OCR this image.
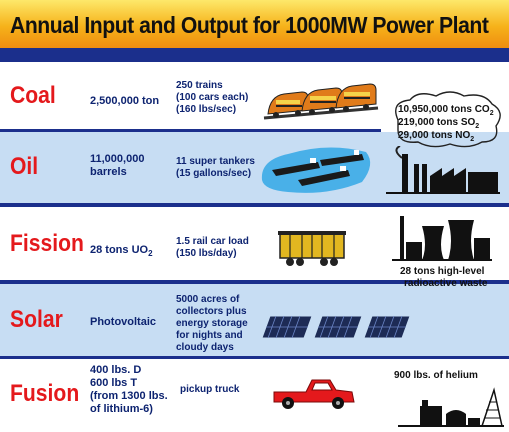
Annual Input and Output for 1000MW Power Plant
Coal	2,500,000 ton
250 trains
(100 cars each)
(160 lbs/sec)
Oil	11,000,000
barrels
11 super tankers
(15 gallons/sec)
10,950,000 tons $CO_2$
219,000 tons $SO_2$
29,000 tons $NO_2$
Fission 28 tons $UO_2$
1.5 rail car load
(150 lbs/day)
28 tons high-level
radioactive waste
Solar Photovoltaic
5000 acres of
collectors plus
energy storage
for nights and
cloudy days
Fusion
400 lbs. D
600 lbs T
(from 1300 lbs.
of lithium-6)
pickup truck
900 lbs. of helium
